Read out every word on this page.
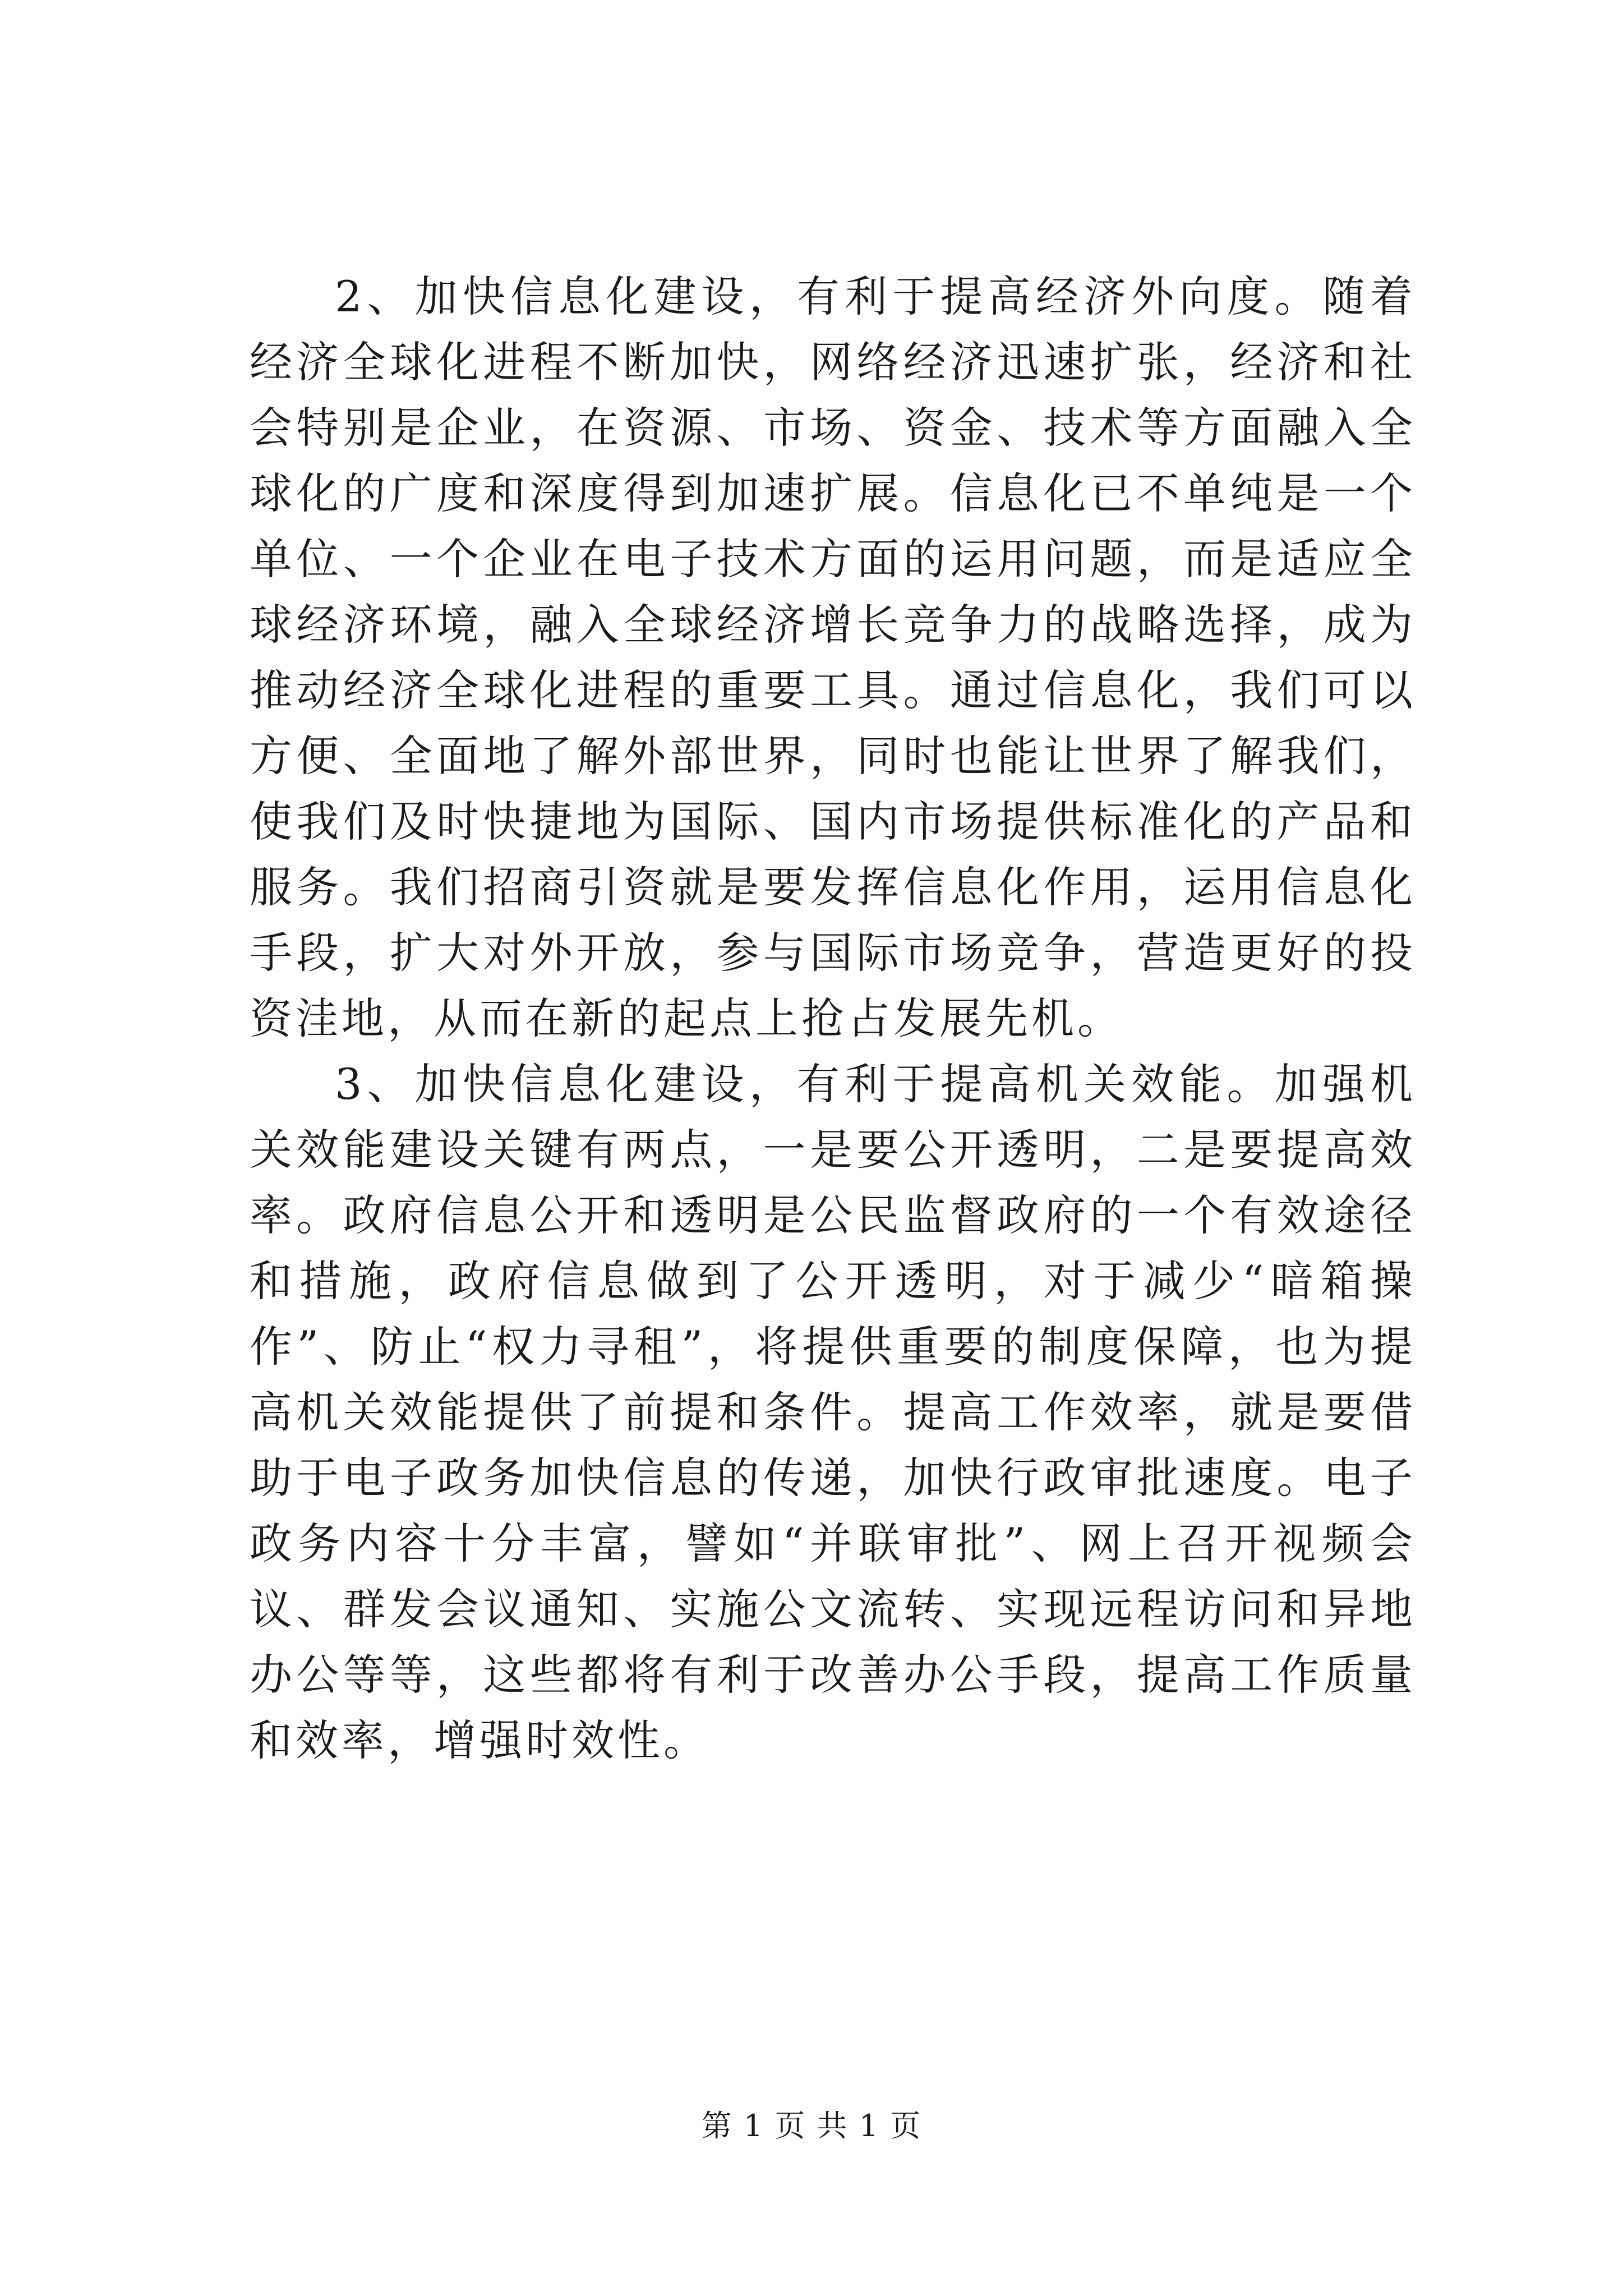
2、加快信息化建设，有利于提高经济外向度。随着经济全球化进程不断加快，网络经济迅速扩张，经济和社会特别是企业，在资源、市场、资金、技术等方面融入全球化的广度和深度得到加速扩展。信息化已不单纯是一个单位、一个企业在电子技术方面的运用问题，而是适应全球经济环境，融入全球经济增长竞争力的战略选择，成为推动经济全球化进程的重要工具。通过信息化，我们可以方便、全面地了解外部世界，同时也能让世界了解我们，使我们及时快捷地为国际、国内市场提供标准化的产品和服务。我们招商引资就是要发挥信息化作用，运用信息化手段，扩大对外开放，参与国际市场竞争，营造更好的投资洼地，从而在新的起点上抢占发展先机。

3、加快信息化建设，有利于提高机关效能。加强机关效能建设关键有两点，一是要公开透明，二是要提高效率。政府信息公开和透明是公民监督政府的一个有效途径和措施，政府信息做到了公开透明，对于减少“暗箱操作”、防止“权力寻租”，将提供重要的制度保障，也为提高机关效能提供了前提和条件。提高工作效率，就是要借助于电子政务加快信息的传递，加快行政审批速度。电子政务内容十分丰富，譬如“并联审批”、网上召开视频会议、群发会议通知、实施公文流转、实现远程访问和异地办公等等，这些都将有利于改善办公手段，提高工作质量和效率，增强时效性。

第 1 页 共 1 页
